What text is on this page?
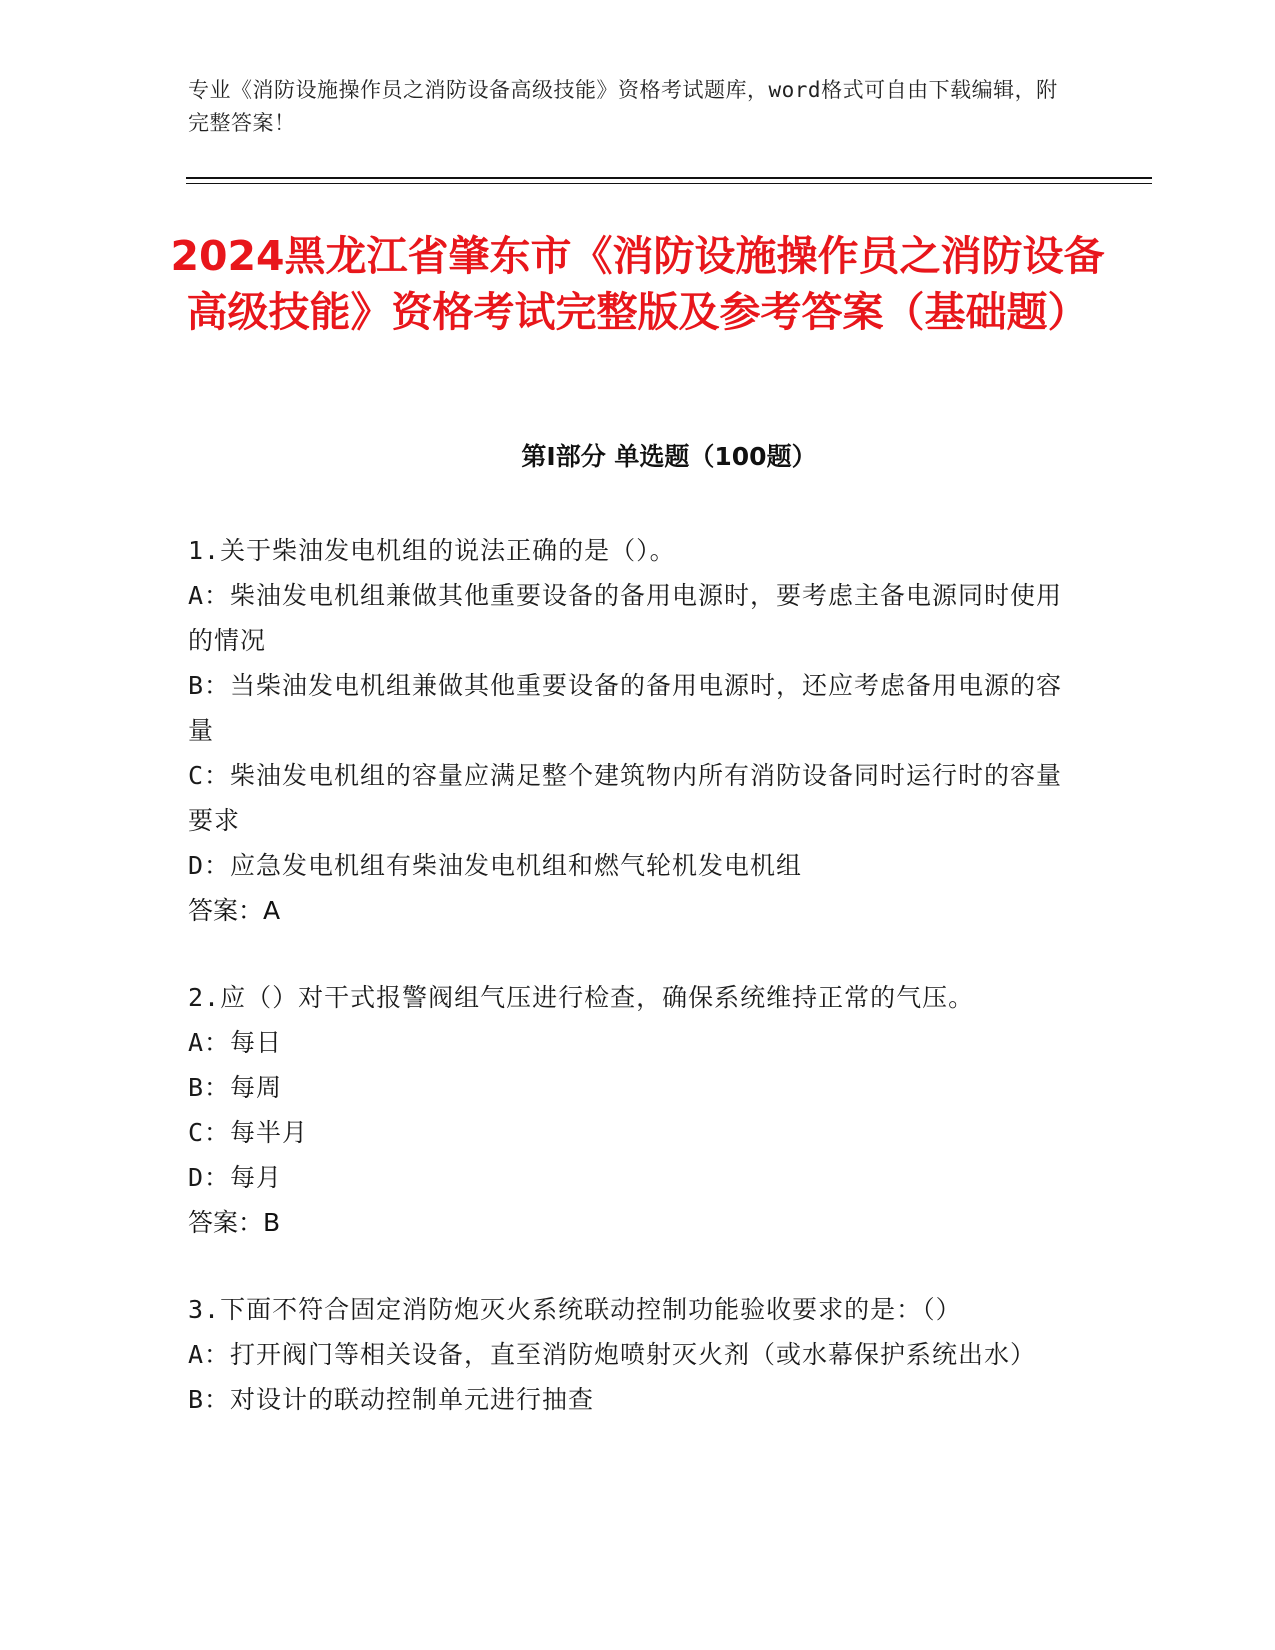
专业《消防设施操作员之消防设备高级技能》资格考试题库，word格式可自由下载编辑，附完整答案！
2024黑龙江省肇东市《消防设施操作员之消防设备高级技能》资格考试完整版及参考答案（基础题）
第Ⅰ部分 单选题（100题）

1.关于柴油发电机组的说法正确的是（）。

A：柴油发电机组兼做其他重要设备的备用电源时，要考虑主备电源同时使用的情况

B：当柴油发电机组兼做其他重要设备的备用电源时，还应考虑备用电源的容量

C：柴油发电机组的容量应满足整个建筑物内所有消防设备同时运行时的容量要求

D：应急发电机组有柴油发电机组和燃气轮机发电机组

答案：A

2.应（）对干式报警阀组气压进行检查，确保系统维持正常的气压。

A：每日

B：每周

C：每半月

D：每月

答案：B

3.下面不符合固定消防炮灭火系统联动控制功能验收要求的是：（）

A：打开阀门等相关设备，直至消防炮喷射灭火剂（或水幕保护系统出水）

B：对设计的联动控制单元进行抽查
